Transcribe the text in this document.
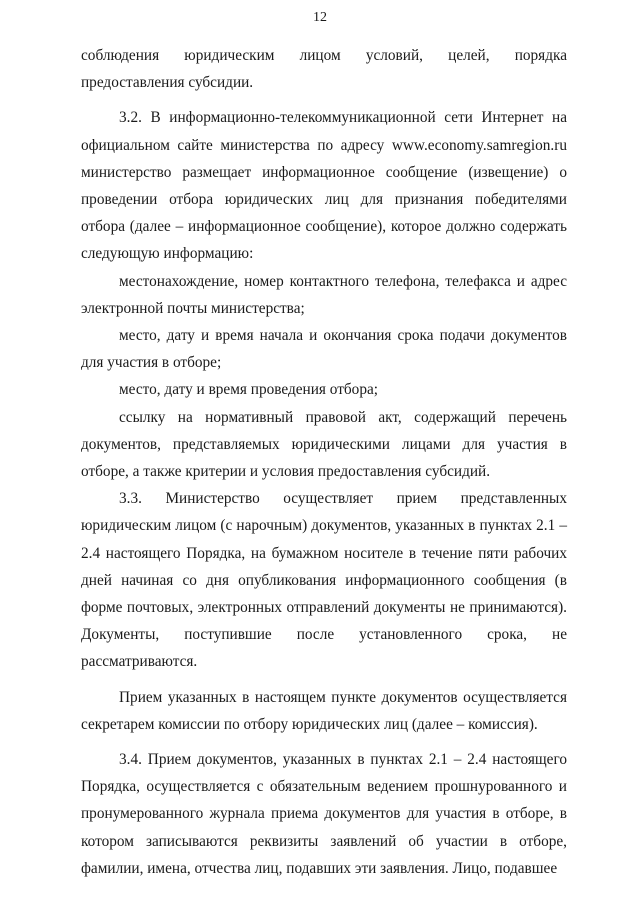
12

соблюдения юридическим лицом условий, целей, порядка предоставления субсидии.

3.2. В информационно-телекоммуникационной сети Интернет на официальном сайте министерства по адресу www.economy.samregion.ru министерство размещает информационное сообщение (извещение) о проведении отбора юридических лиц для признания победителями отбора (далее – информационное сообщение), которое должно содержать следующую информацию:

местонахождение, номер контактного телефона, телефакса и адрес электронной почты министерства;

место, дату и время начала и окончания срока подачи документов для участия в отборе;

место, дату и время проведения отбора;

ссылку на нормативный правовой акт, содержащий перечень документов, представляемых юридическими лицами для участия в отборе, а также критерии и условия предоставления субсидий.

3.3. Министерство осуществляет прием представленных юридическим лицом (с нарочным) документов, указанных в пунктах 2.1 – 2.4 настоящего Порядка, на бумажном носителе в течение пяти рабочих дней начиная со дня опубликования информационного сообщения (в форме почтовых, электронных отправлений документы не принимаются). Документы, поступившие после установленного срока, не рассматриваются.

Прием указанных в настоящем пункте документов осуществляется секретарем комиссии по отбору юридических лиц (далее – комиссия).

3.4. Прием документов, указанных в пунктах 2.1 – 2.4 настоящего Порядка, осуществляется с обязательным ведением прошнурованного и пронумерованного журнала приема документов для участия в отборе, в котором записываются реквизиты заявлений об участии в отборе, фамилии, имена, отчества лиц, подавших эти заявления. Лицо, подавшее
